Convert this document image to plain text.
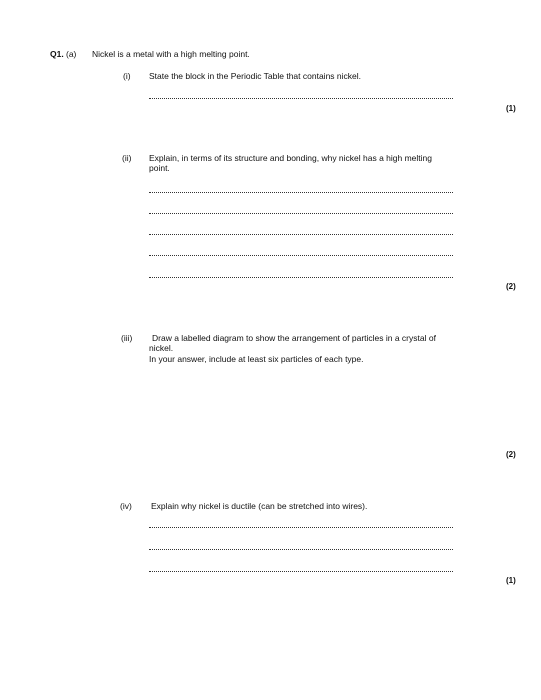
Q1. (a) Nickel is a metal with a high melting point.
(i) State the block in the Periodic Table that contains nickel.
(1)
(ii) Explain, in terms of its structure and bonding, why nickel has a high melting
point.
(2)
(iii) Draw a labelled diagram to show the arrangement of particles in a crystal of
nickel.
In your answer, include at least six particles of each type.
(2)
(iv) Explain why nickel is ductile (can be stretched into wires).
(1)
